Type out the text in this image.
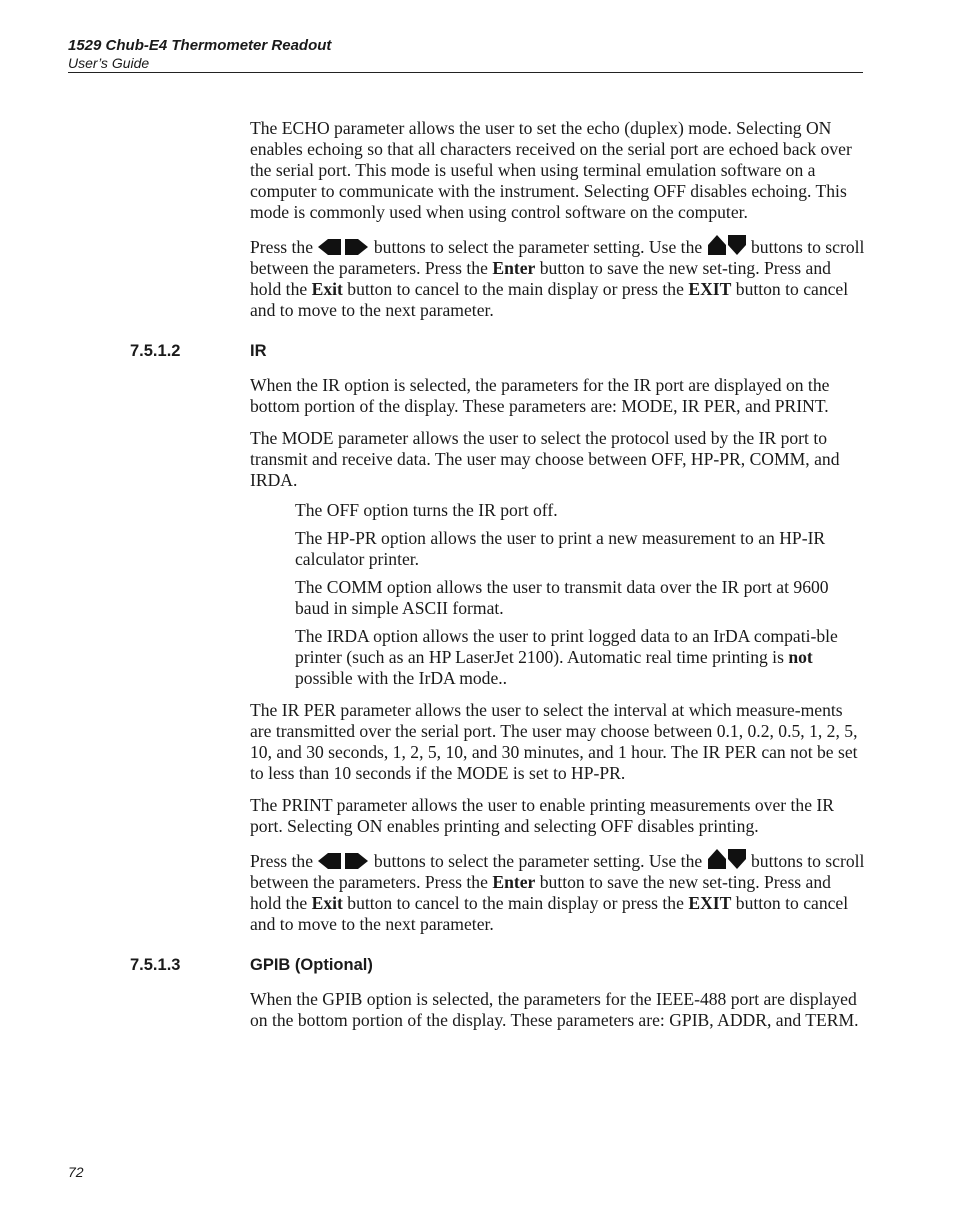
1529 Chub-E4 Thermometer Readout
User’s Guide

The ECHO parameter allows the user to set the echo (duplex) mode. Selecting ON enables echoing so that all characters received on the serial port are echoed back over the serial port. This mode is useful when using terminal emulation software on a computer to communicate with the instrument. Selecting OFF disables echoing. This mode is commonly used when using control software on the computer.

Press the	buttons to select the parameter setting. Use the	buttons to scroll between the parameters. Press the Enter button to save the new set-ting. Press and hold the Exit button to cancel to the main display or press the EXIT button to cancel and to move to the next parameter.

7.5.1.2	IR

When the IR option is selected, the parameters for the IR port are displayed on the bottom portion of the display. These parameters are: MODE, IR PER, and PRINT.

The MODE parameter allows the user to select the protocol used by the IR port to transmit and receive data. The user may choose between OFF, HP-PR, COMM, and IRDA.

The OFF option turns the IR port off.
The HP-PR option allows the user to print a new measurement to an HP-IR calculator printer.
The COMM option allows the user to transmit data over the IR port at 9600 baud in simple ASCII format.
The IRDA option allows the user to print logged data to an IrDA compati-ble printer (such as an HP LaserJet 2100). Automatic real time printing is not possible with the IrDA mode..

The IR PER parameter allows the user to select the interval at which measure-ments are transmitted over the serial port. The user may choose between 0.1, 0.2, 0.5, 1, 2, 5, 10, and 30 seconds, 1, 2, 5, 10, and 30 minutes, and 1 hour. The IR PER can not be set to less than 10 seconds if the MODE is set to HP-PR.

The PRINT parameter allows the user to enable printing measurements over the IR port. Selecting ON enables printing and selecting OFF disables printing.

Press the	buttons to select the parameter setting. Use the	buttons to scroll between the parameters. Press the Enter button to save the new set-ting. Press and hold the Exit button to cancel to the main display or press the EXIT button to cancel and to move to the next parameter.

7.5.1.3	GPIB (Optional)

When the GPIB option is selected, the parameters for the IEEE-488 port are displayed on the bottom portion of the display. These parameters are: GPIB, ADDR, and TERM.

72
